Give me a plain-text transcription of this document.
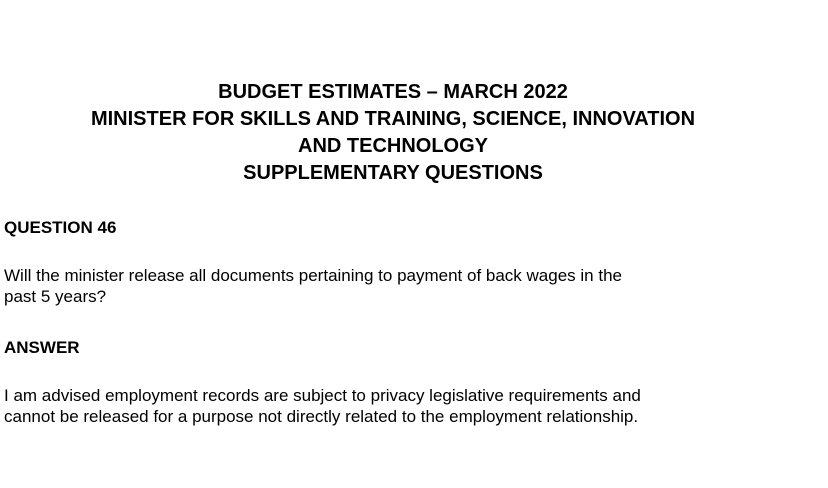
BUDGET ESTIMATES – MARCH 2022
MINISTER FOR SKILLS AND TRAINING, SCIENCE, INNOVATION
AND TECHNOLOGY
SUPPLEMENTARY QUESTIONS
QUESTION 46
Will the minister release all documents pertaining to payment of back wages in the
past 5 years?
ANSWER
I am advised employment records are subject to privacy legislative requirements and
cannot be released for a purpose not directly related to the employment relationship.
